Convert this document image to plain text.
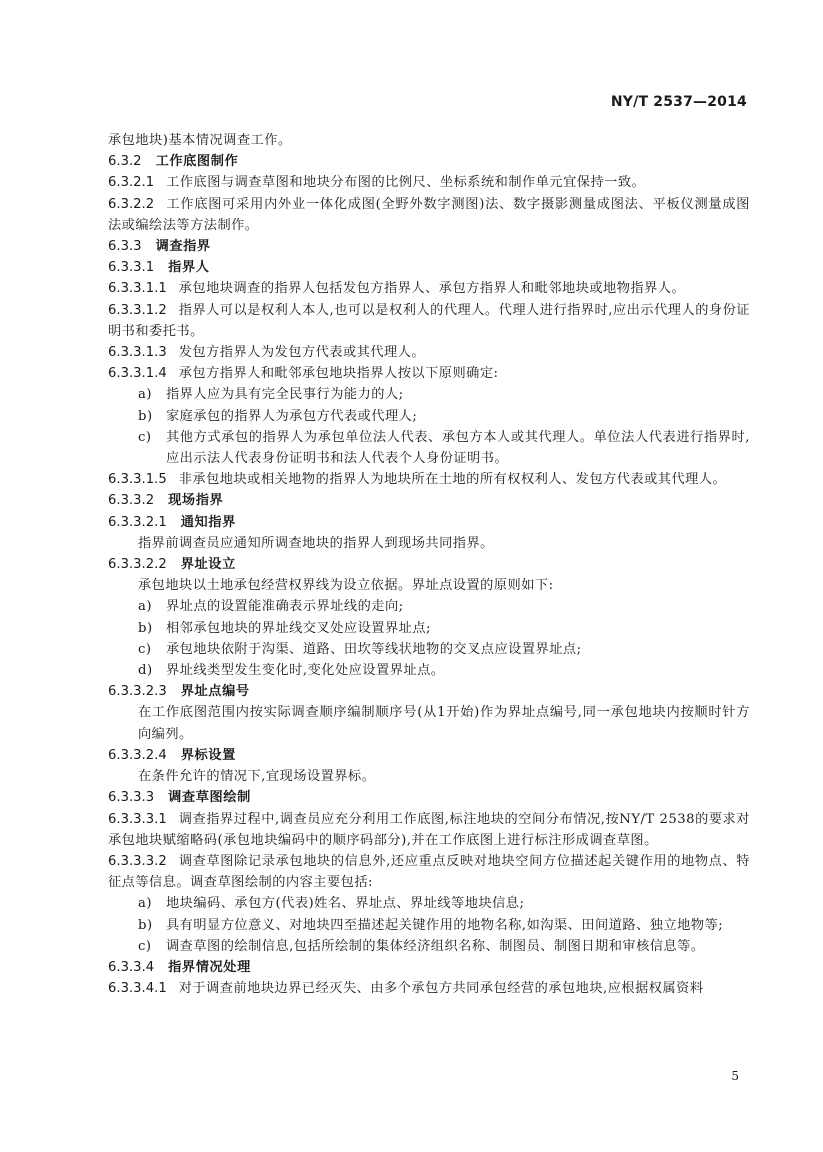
NY/T 2537—2014

承包地块)基本情况调查工作。

6.3.2 工作底图制作

6.3.2.1 工作底图与调查草图和地块分布图的比例尺、坐标系统和制作单元宜保持一致。

6.3.2.2 工作底图可采用内外业一体化成图(全野外数字测图)法、数字摄影测量成图法、平板仪测量成图法或编绘法等方法制作。

6.3.3 调查指界

6.3.3.1 指界人

6.3.3.1.1 承包地块调查的指界人包括发包方指界人、承包方指界人和毗邻地块或地物指界人。

6.3.3.1.2 指界人可以是权利人本人,也可以是权利人的代理人。代理人进行指界时,应出示代理人的身份证明书和委托书。

6.3.3.1.3 发包方指界人为发包方代表或其代理人。

6.3.3.1.4 承包方指界人和毗邻承包地块指界人按以下原则确定:

a) 指界人应为具有完全民事行为能力的人;

b) 家庭承包的指界人为承包方代表或代理人;

c) 其他方式承包的指界人为承包单位法人代表、承包方本人或其代理人。单位法人代表进行指界时,应出示法人代表身份证明书和法人代表个人身份证明书。

6.3.3.1.5 非承包地块或相关地物的指界人为地块所在土地的所有权权利人、发包方代表或其代理人。

6.3.3.2 现场指界

6.3.3.2.1 通知指界

指界前调查员应通知所调查地块的指界人到现场共同指界。

6.3.3.2.2 界址设立

承包地块以土地承包经营权界线为设立依据。界址点设置的原则如下:

a) 界址点的设置能准确表示界址线的走向;

b) 相邻承包地块的界址线交叉处应设置界址点;

c) 承包地块依附于沟渠、道路、田坎等线状地物的交叉点应设置界址点;

d) 界址线类型发生变化时,变化处应设置界址点。

6.3.3.2.3 界址点编号

在工作底图范围内按实际调查顺序编制顺序号(从1开始)作为界址点编号,同一承包地块内按顺时针方向编列。

6.3.3.2.4 界标设置

在条件允许的情况下,宜现场设置界标。

6.3.3.3 调查草图绘制

6.3.3.3.1 调查指界过程中,调查员应充分利用工作底图,标注地块的空间分布情况,按NY/T 2538的要求对承包地块赋缩略码(承包地块编码中的顺序码部分),并在工作底图上进行标注形成调查草图。

6.3.3.3.2 调查草图除记录承包地块的信息外,还应重点反映对地块空间方位描述起关键作用的地物点、特征点等信息。调查草图绘制的内容主要包括:

a) 地块编码、承包方(代表)姓名、界址点、界址线等地块信息;

b) 具有明显方位意义、对地块四至描述起关键作用的地物名称,如沟渠、田间道路、独立地物等;

c) 调查草图的绘制信息,包括所绘制的集体经济组织名称、制图员、制图日期和审核信息等。

6.3.3.4 指界情况处理

6.3.3.4.1 对于调查前地块边界已经灭失、由多个承包方共同承包经营的承包地块,应根据权属资料

5
